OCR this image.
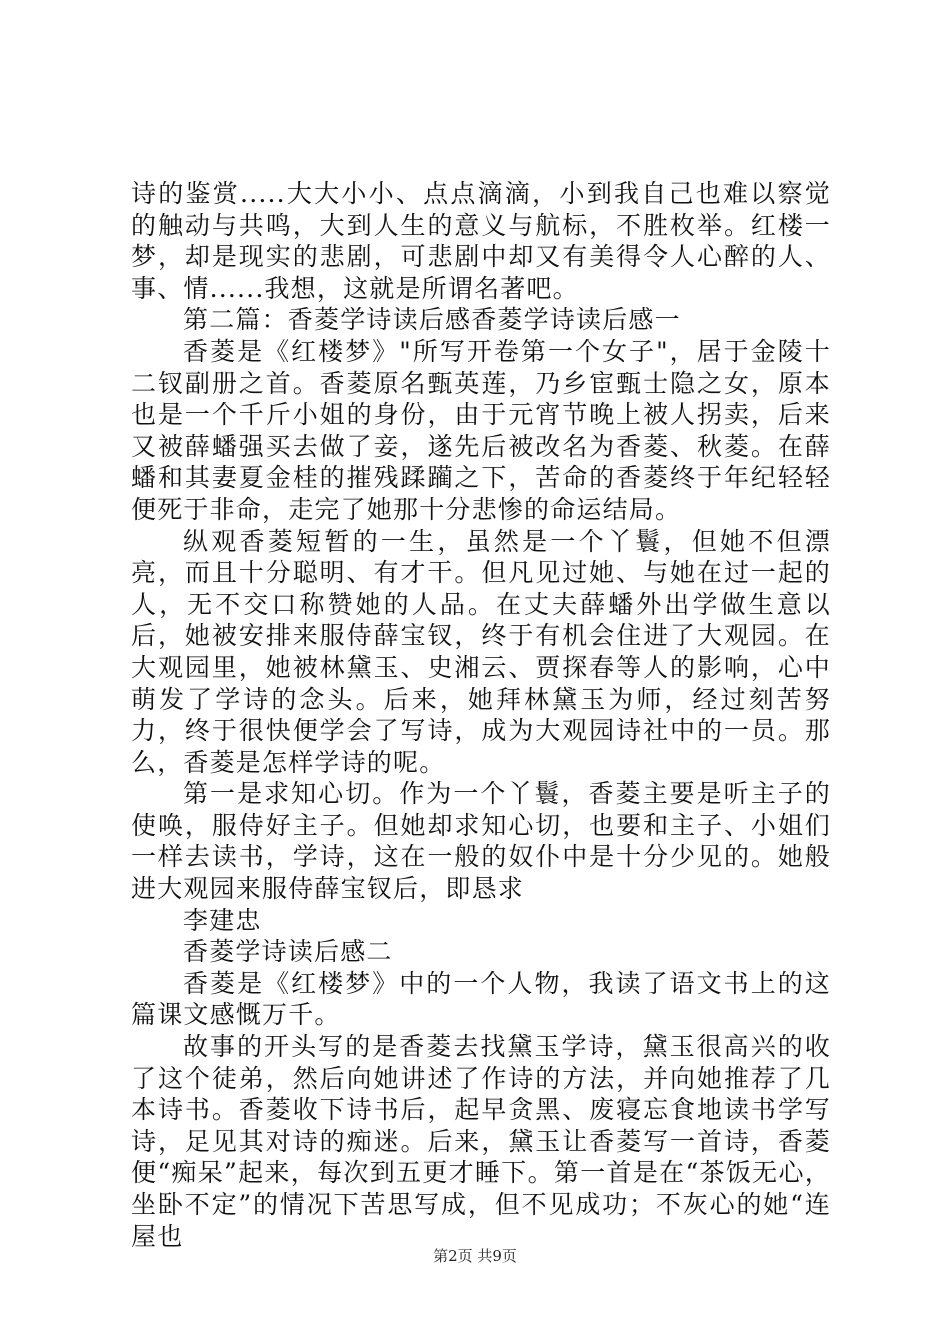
诗的鉴赏.....大大小小、点点滴滴，小到我自己也难以察觉的触动与共鸣，大到人生的意义与航标，不胜枚举。红楼一梦，却是现实的悲剧，可悲剧中却又有美得令人心醉的人、事、情......我想，这就是所谓名著吧。

第二篇：香菱学诗读后感香菱学诗读后感一

香菱是《红楼梦》"所写开卷第一个女子"，居于金陵十二钗副册之首。香菱原名甄英莲，乃乡宦甄士隐之女，原本也是一个千斤小姐的身份，由于元宵节晚上被人拐卖，后来又被薛蟠强买去做了妾，遂先后被改名为香菱、秋菱。在薛蟠和其妻夏金桂的摧残蹂躏之下，苦命的香菱终于年纪轻轻便死于非命，走完了她那十分悲惨的命运结局。

纵观香菱短暂的一生，虽然是一个丫鬟，但她不但漂亮，而且十分聪明、有才干。但凡见过她、与她在过一起的人，无不交口称赞她的人品。在丈夫薛蟠外出学做生意以后，她被安排来服侍薛宝钗，终于有机会住进了大观园。在大观园里，她被林黛玉、史湘云、贾探春等人的影响，心中萌发了学诗的念头。后来，她拜林黛玉为师，经过刻苦努力，终于很快便学会了写诗，成为大观园诗社中的一员。那么，香菱是怎样学诗的呢。

第一是求知心切。作为一个丫鬟，香菱主要是听主子的使唤，服侍好主子。但她却求知心切，也要和主子、小姐们一样去读书，学诗，这在一般的奴仆中是十分少见的。她般进大观园来服侍薛宝钗后，即恳求

李建忠

香菱学诗读后感二

香菱是《红楼梦》中的一个人物，我读了语文书上的这篇课文感慨万千。

故事的开头写的是香菱去找黛玉学诗，黛玉很高兴的收了这个徒弟，然后向她讲述了作诗的方法，并向她推荐了几本诗书。香菱收下诗书后，起早贪黑、废寝忘食地读书学写诗，足见其对诗的痴迷。后来，黛玉让香菱写一首诗，香菱便“痴呆”起来，每次到五更才睡下。第一首是在“茶饭无心，坐卧不定”的情况下苦思写成，但不见成功；不灰心的她“连屋也

第2页 共9页
